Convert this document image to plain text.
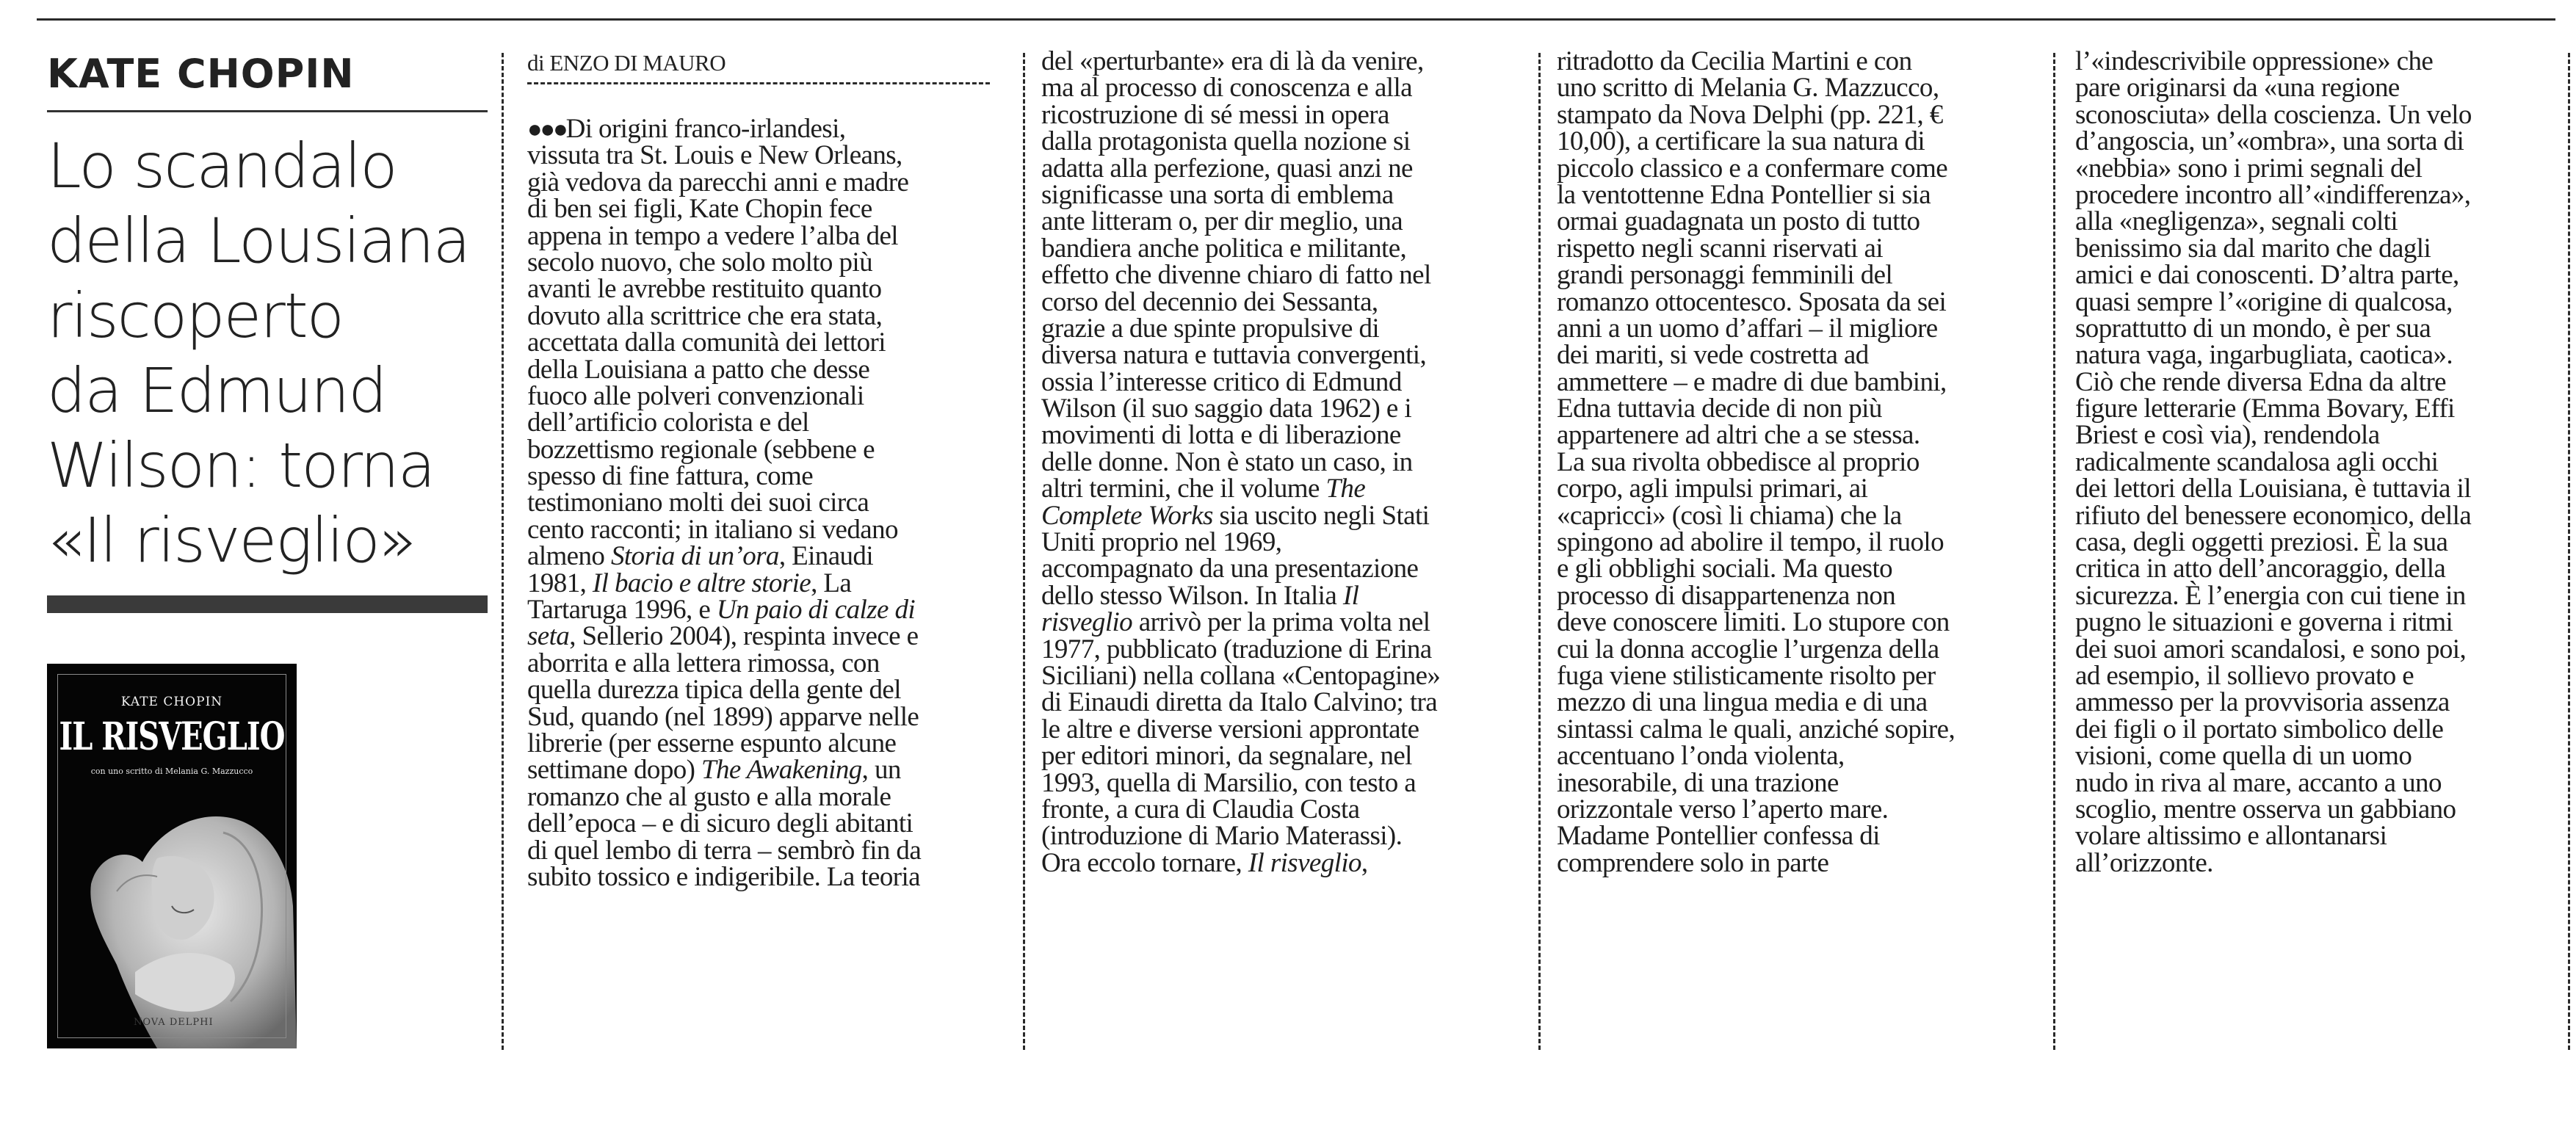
KATE CHOPIN
Lo scandalo
della Lousiana
riscoperto
da Edmund
Wilson: torna
«Il risveglio»
KATE CHOPIN
IL RISVEGLIO
con uno scritto di Melania G. Mazzucco
NOVA DELPHI
di ENZO DI MAURO
●●●Di origini franco-irlandesi,
vissuta tra St. Louis e New Orleans,
già vedova da parecchi anni e madre
di ben sei figli, Kate Chopin fece
appena in tempo a vedere l’alba del
secolo nuovo, che solo molto più
avanti le avrebbe restituito quanto
dovuto alla scrittrice che era stata,
accettata dalla comunità dei lettori
della Louisiana a patto che desse
fuoco alle polveri convenzionali
dell’artificio colorista e del
bozzettismo regionale (sebbene e
spesso di fine fattura, come
testimoniano molti dei suoi circa
cento racconti; in italiano si vedano
almeno Storia di un’ora, Einaudi
1981, Il bacio e altre storie, La
Tartaruga 1996, e Un paio di calze di
seta, Sellerio 2004), respinta invece e
aborrita e alla lettera rimossa, con
quella durezza tipica della gente del
Sud, quando (nel 1899) apparve nelle
librerie (per esserne espunto alcune
settimane dopo) The Awakening, un
romanzo che al gusto e alla morale
dell’epoca – e di sicuro degli abitanti
di quel lembo di terra – sembrò fin da
subito tossico e indigeribile. La teoria
del «perturbante» era di là da venire,
ma al processo di conoscenza e alla
ricostruzione di sé messi in opera
dalla protagonista quella nozione si
adatta alla perfezione, quasi anzi ne
significasse una sorta di emblema
ante litteram o, per dir meglio, una
bandiera anche politica e militante,
effetto che divenne chiaro di fatto nel
corso del decennio dei Sessanta,
grazie a due spinte propulsive di
diversa natura e tuttavia convergenti,
ossia l’interesse critico di Edmund
Wilson (il suo saggio data 1962) e i
movimenti di lotta e di liberazione
delle donne. Non è stato un caso, in
altri termini, che il volume The
Complete Works sia uscito negli Stati
Uniti proprio nel 1969,
accompagnato da una presentazione
dello stesso Wilson. In Italia Il
risveglio arrivò per la prima volta nel
1977, pubblicato (traduzione di Erina
Siciliani) nella collana «Centopagine»
di Einaudi diretta da Italo Calvino; tra
le altre e diverse versioni approntate
per editori minori, da segnalare, nel
1993, quella di Marsilio, con testo a
fronte, a cura di Claudia Costa
(introduzione di Mario Materassi).
Ora eccolo tornare, Il risveglio,
ritradotto da Cecilia Martini e con
uno scritto di Melania G. Mazzucco,
stampato da Nova Delphi (pp. 221, €
10,00), a certificare la sua natura di
piccolo classico e a confermare come
la ventottenne Edna Pontellier si sia
ormai guadagnata un posto di tutto
rispetto negli scanni riservati ai
grandi personaggi femminili del
romanzo ottocentesco. Sposata da sei
anni a un uomo d’affari – il migliore
dei mariti, si vede costretta ad
ammettere – e madre di due bambini,
Edna tuttavia decide di non più
appartenere ad altri che a se stessa.
La sua rivolta obbedisce al proprio
corpo, agli impulsi primari, ai
«capricci» (così li chiama) che la
spingono ad abolire il tempo, il ruolo
e gli obblighi sociali. Ma questo
processo di disappartenenza non
deve conoscere limiti. Lo stupore con
cui la donna accoglie l’urgenza della
fuga viene stilisticamente risolto per
mezzo di una lingua media e di una
sintassi calma le quali, anziché sopire,
accentuano l’onda violenta,
inesorabile, di una trazione
orizzontale verso l’aperto mare.
Madame Pontellier confessa di
comprendere solo in parte
l’«indescrivibile oppressione» che
pare originarsi da «una regione
sconosciuta» della coscienza. Un velo
d’angoscia, un’«ombra», una sorta di
«nebbia» sono i primi segnali del
procedere incontro all’«indifferenza»,
alla «negligenza», segnali colti
benissimo sia dal marito che dagli
amici e dai conoscenti. D’altra parte,
quasi sempre l’«origine di qualcosa,
soprattutto di un mondo, è per sua
natura vaga, ingarbugliata, caotica».
Ciò che rende diversa Edna da altre
figure letterarie (Emma Bovary, Effi
Briest e così via), rendendola
radicalmente scandalosa agli occhi
dei lettori della Louisiana, è tuttavia il
rifiuto del benessere economico, della
casa, degli oggetti preziosi. È la sua
critica in atto dell’ancoraggio, della
sicurezza. È l’energia con cui tiene in
pugno le situazioni e governa i ritmi
dei suoi amori scandalosi, e sono poi,
ad esempio, il sollievo provato e
ammesso per la provvisoria assenza
dei figli o il portato simbolico delle
visioni, come quella di un uomo
nudo in riva al mare, accanto a uno
scoglio, mentre osserva un gabbiano
volare altissimo e allontanarsi
all’orizzonte.
